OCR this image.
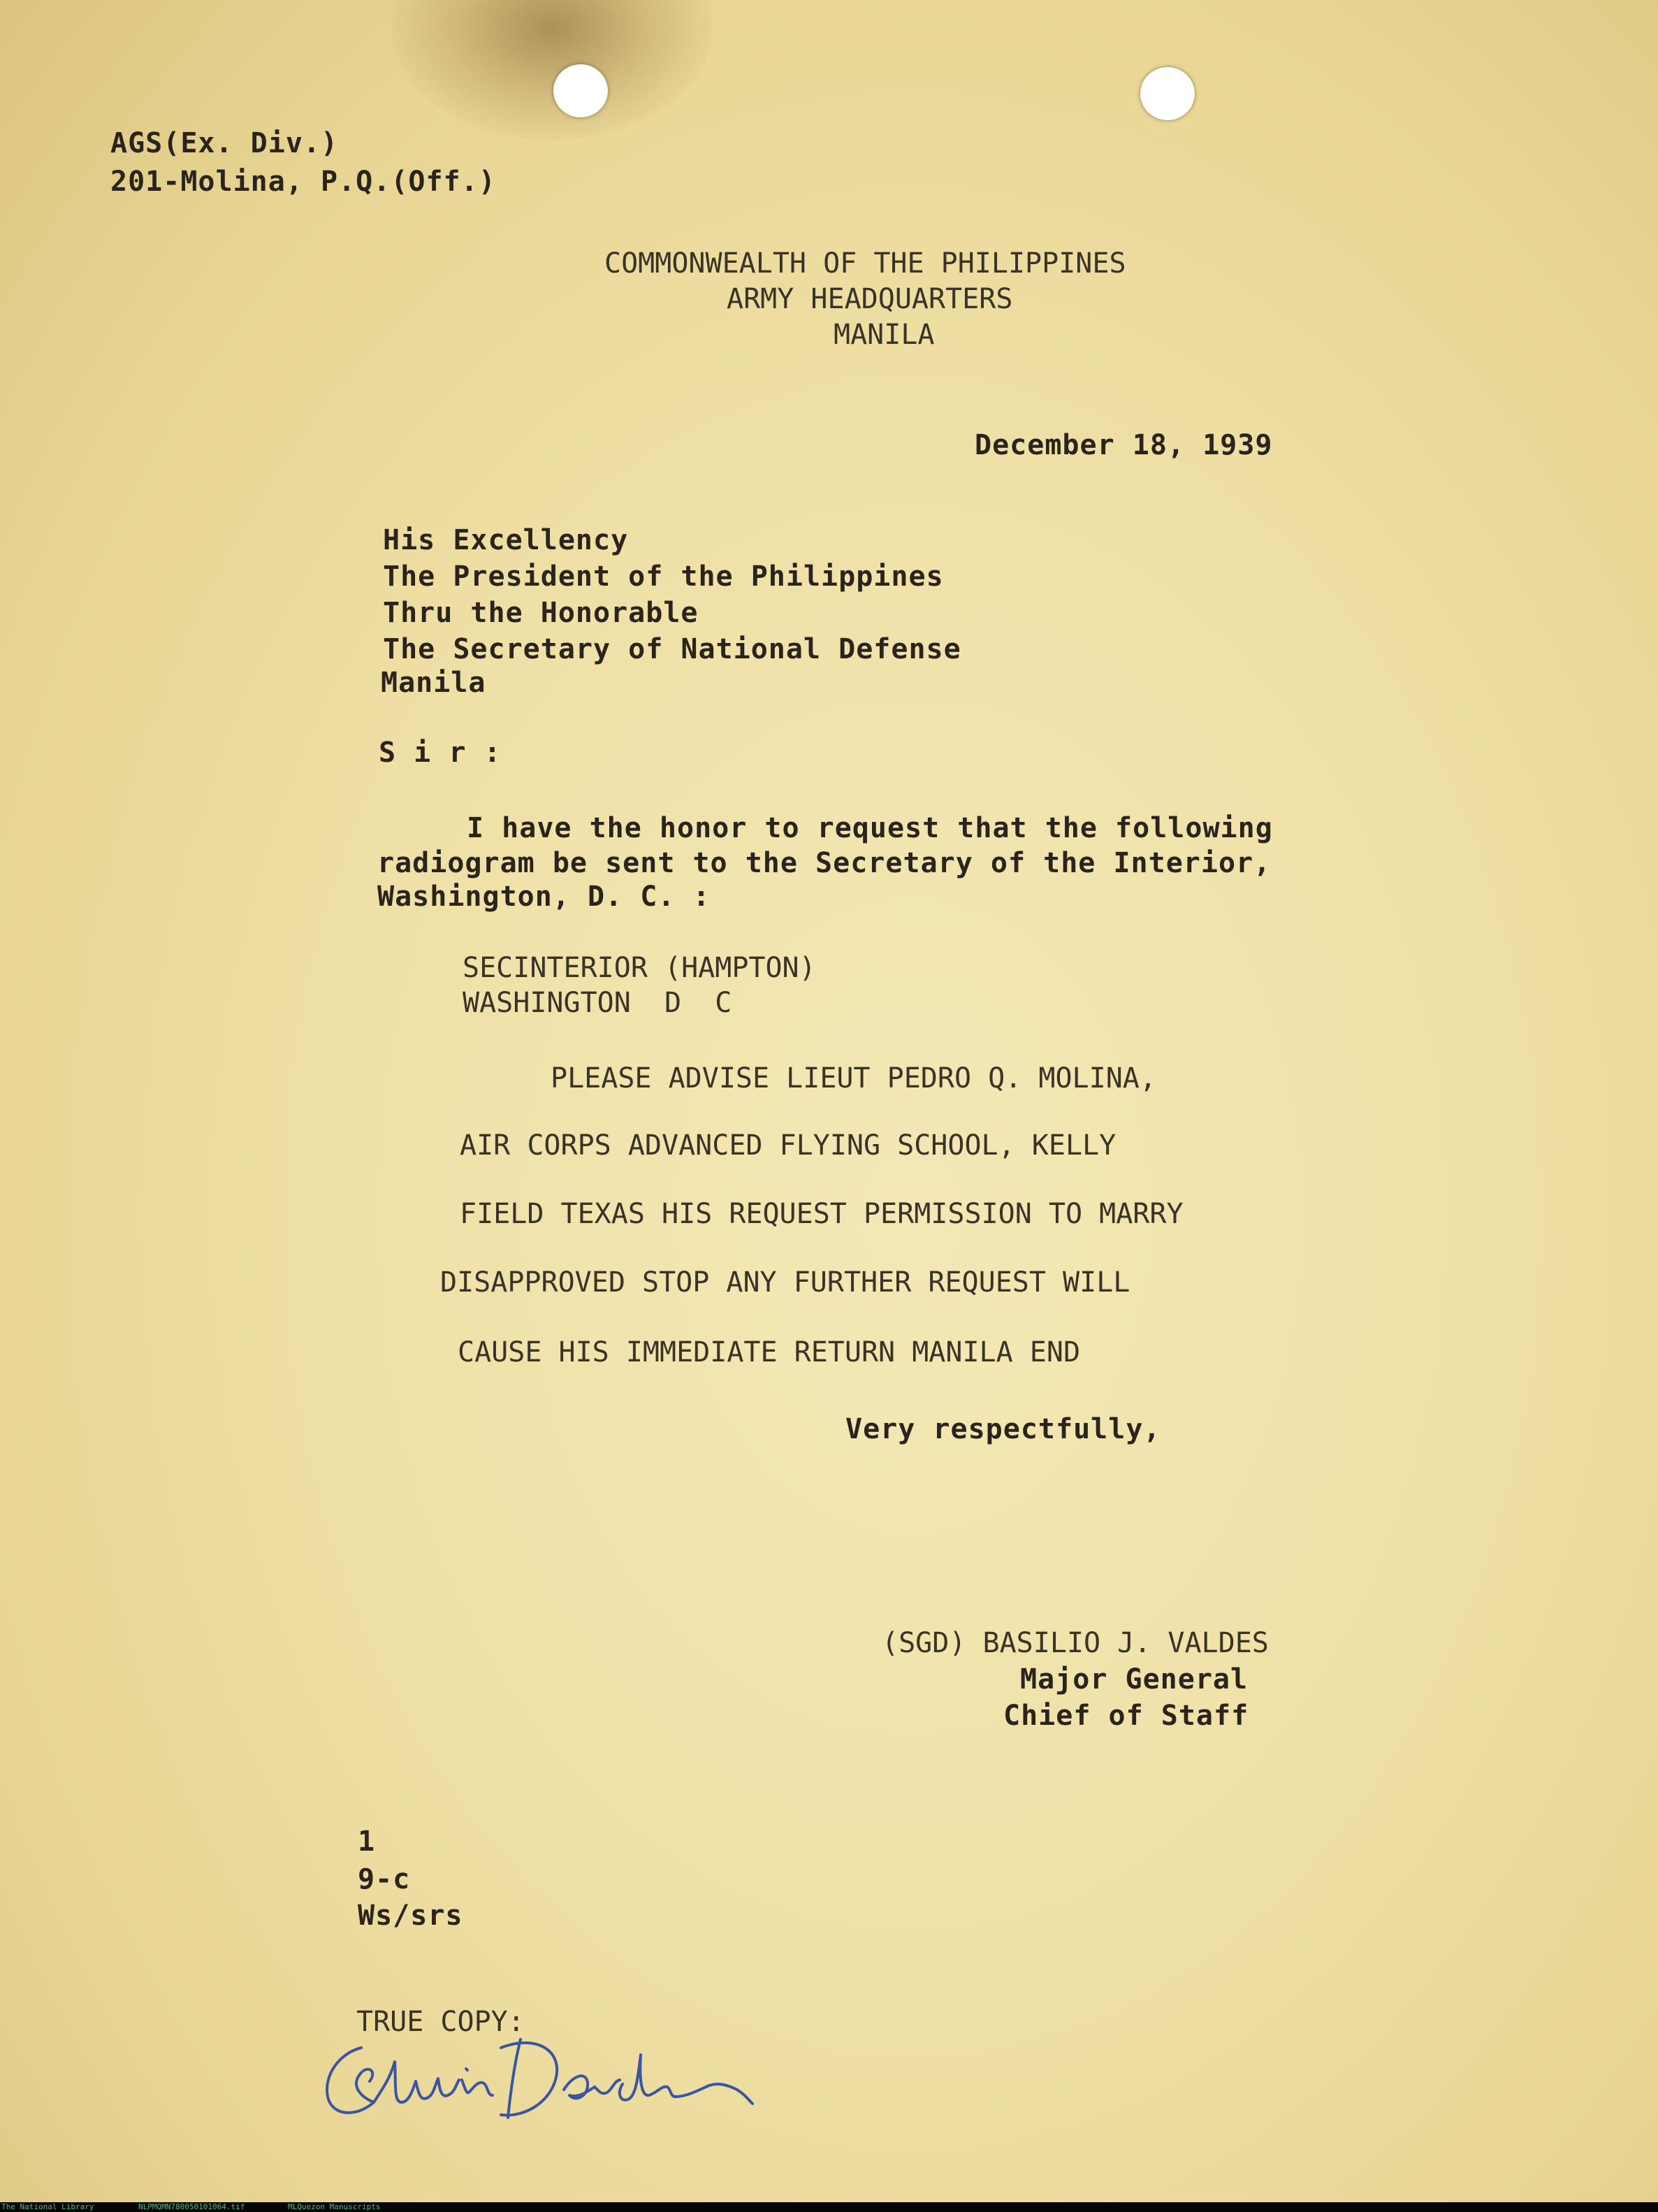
AGS(Ex. Div.)
201-Molina, P.Q.(Off.)
COMMONWEALTH OF THE PHILIPPINES
ARMY HEADQUARTERS
MANILA
December 18, 1939
His Excellency
The President of the Philippines
Thru the Honorable
The Secretary of National Defense
Manila
S i r :
I have the honor to request that the following
radiogram be sent to the Secretary of the Interior,
Washington, D. C. :
SECINTERIOR (HAMPTON)
WASHINGTON  D  C
PLEASE ADVISE LIEUT PEDRO Q. MOLINA,
AIR CORPS ADVANCED FLYING SCHOOL, KELLY
FIELD TEXAS HIS REQUEST PERMISSION TO MARRY
DISAPPROVED STOP ANY FURTHER REQUEST WILL
CAUSE HIS IMMEDIATE RETURN MANILA END
Very respectfully,
(SGD) BASILIO J. VALDES
Major General
Chief of Staff
1
9-c
Ws/srs
TRUE COPY:
The National Library	NLPMQMN780050101064.tif	MLQuezon Manuscripts
